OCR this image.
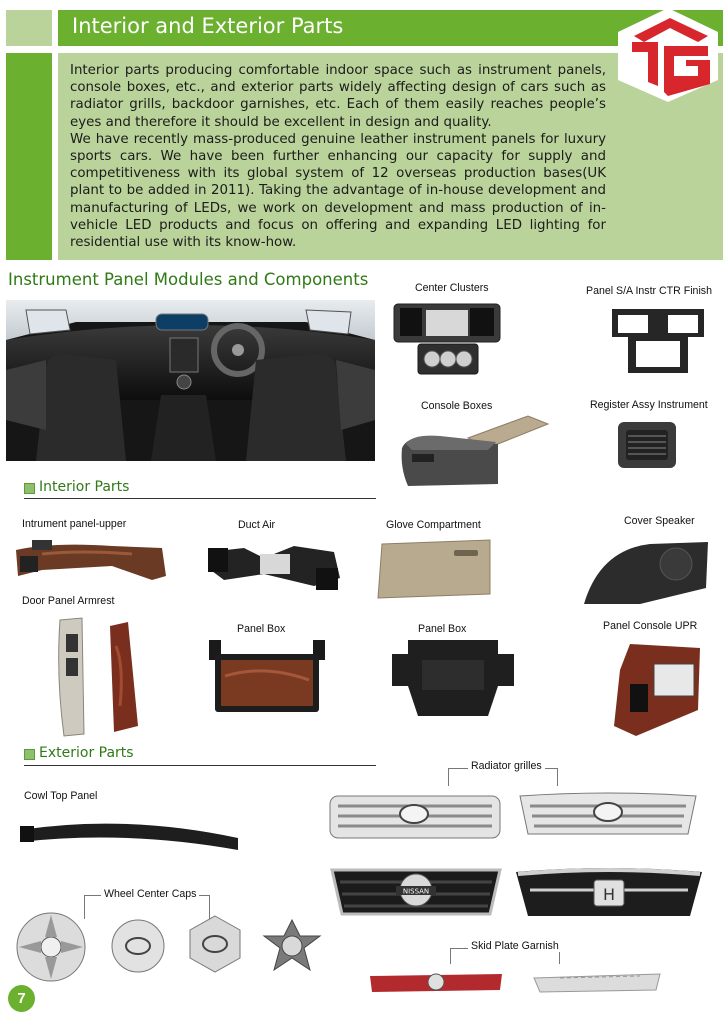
Interior and Exterior Parts

Interior parts producing comfortable indoor space such as instrument panels, console boxes, etc., and exterior parts widely affecting design of cars such as radiator grills, backdoor garnishes, etc. Each of them easily reaches people’s eyes and therefore it should be excellent in design and quality.

We have recently mass-produced genuine leather instrument panels for luxury sports cars. We have been further enhancing our capacity for supply and competitiveness with its global system of 12 overseas production bases(UK plant to be added in 2011). Taking the advantage of in-house development and manufacturing of LEDs, we work on development and mass production of in-vehicle LED products and focus on offering and expanding LED lighting for residential use with its know-how.

Instrument Panel Modules and Components	Center Clusters	Panel S/A Instr CTR Finish
Console Boxes	Register Assy Instrument
Interior Parts
Intrument panel-upper	Duct Air	Glove Compartment	Cover Speaker
Door Panel Armrest
Panel Box	Panel Box	Panel Console UPR
Exterior Parts
Radiator grilles
Cowl Top Panel
NISSAN	H
Wheel Center Caps
Skid Plate Garnish
7
